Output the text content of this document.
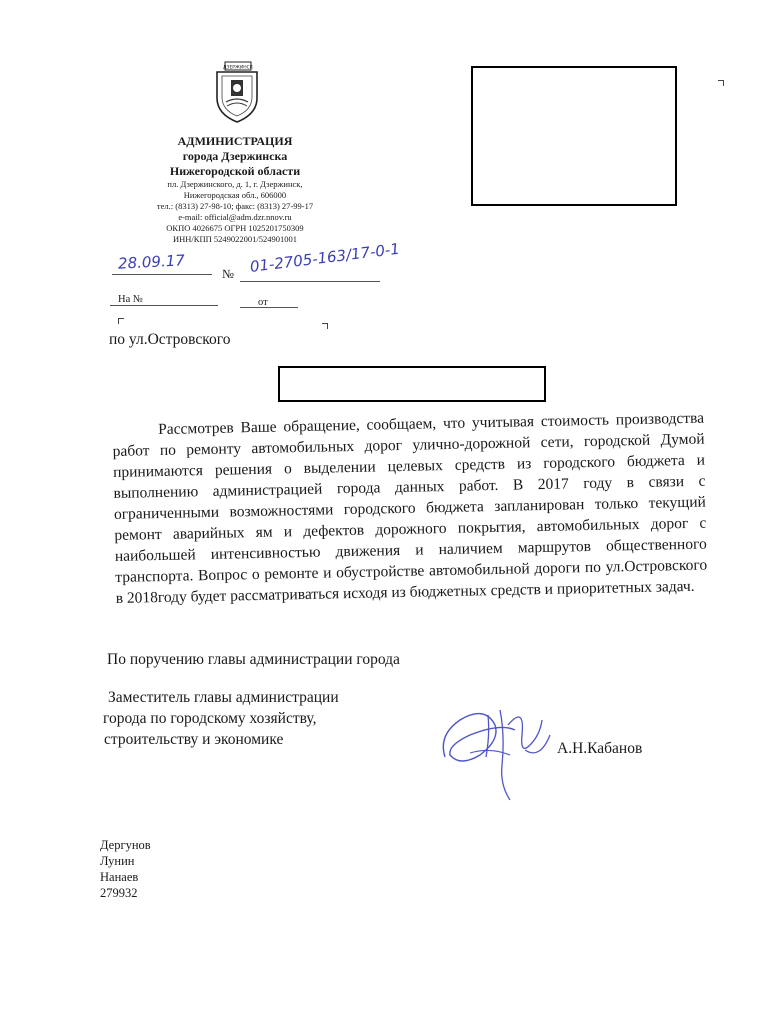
ДЗЕРЖИНСК
АДМИНИСТРАЦИЯ
города Дзержинска
Нижегородской области
пл. Дзержинского, д. 1, г. Дзержинск,
Нижегородская обл., 606000
тел.: (8313) 27-98-10; факс: (8313) 27-99-17
e-mail: official@adm.dzr.nnov.ru
ОКПО 4026675 ОГРН 1025201750309
ИНН/КПП 5249022001/524901001
28.09.17
№ 01-2705-163/17-0-1
На №	от
по ул.Островского

Рассмотрев Ваше обращение, сообщаем, что учитывая стоимость производства работ по ремонту автомобильных дорог улично-дорожной сети, городской Думой принимаются решения о выделении целевых средств из городского бюджета и выполнению администрацией города данных работ. В 2017 году в связи с ограниченными возможностями городского бюджета запланирован только текущий ремонт аварийных ям и дефектов дорожного покрытия, автомобильных дорог с наибольшей интенсивностью движения и наличием маршрутов общественного транспорта. Вопрос о ремонте и обустройстве автомобильной дороги по ул.Островского в 2018году будет рассматриваться исходя из бюджетных средств и приоритетных задач.

По поручению главы администрации города
Заместитель главы администрации
города по городскому хозяйству,
строительству и экономике
А.Н.Кабанов
Дергунов
Лунин
Нанаев
279932
